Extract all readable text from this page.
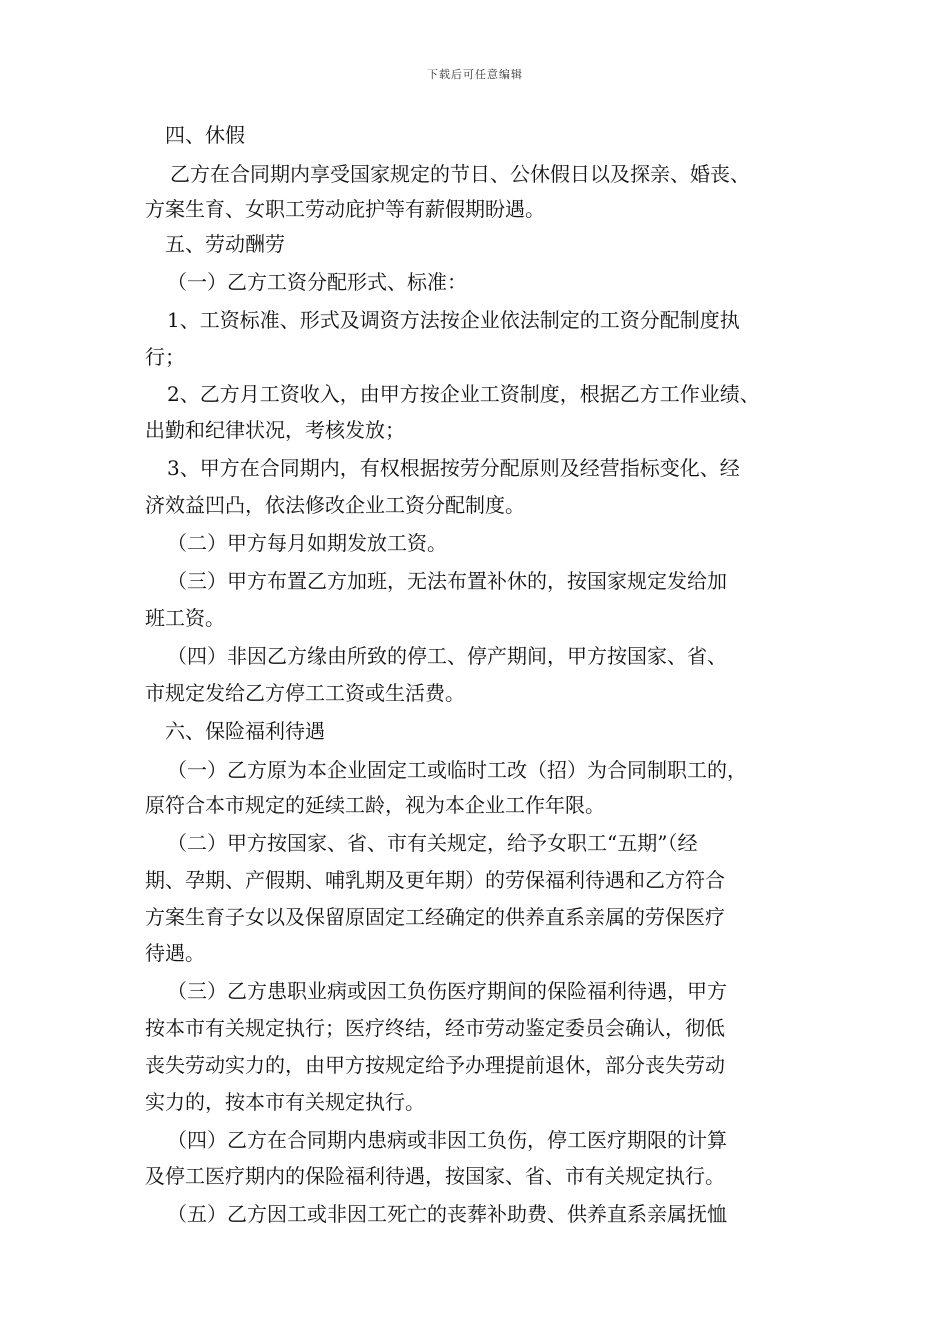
下载后可任意编辑

四、休假

乙方在合同期内享受国家规定的节日、公休假日以及探亲、婚丧、

方案生育、女职工劳动庇护等有薪假期盼遇。

五、劳动酬劳

（一）乙方工资分配形式、标准：

1、工资标准、形式及调资方法按企业依法制定的工资分配制度执

行；

2、乙方月工资收入，由甲方按企业工资制度，根据乙方工作业绩、

出勤和纪律状况，考核发放；

3、甲方在合同期内，有权根据按劳分配原则及经营指标变化、经

济效益凹凸，依法修改企业工资分配制度。

（二）甲方每月如期发放工资。

（三）甲方布置乙方加班，无法布置补休的，按国家规定发给加

班工资。

（四）非因乙方缘由所致的停工、停产期间，甲方按国家、省、

市规定发给乙方停工工资或生活费。

六、保险福利待遇

（一）乙方原为本企业固定工或临时工改（招）为合同制职工的，

原符合本市规定的延续工龄，视为本企业工作年限。

（二）甲方按国家、省、市有关规定，给予女职工“五期”（经

期、孕期、产假期、哺乳期及更年期）的劳保福利待遇和乙方符合

方案生育子女以及保留原固定工经确定的供养直系亲属的劳保医疗

待遇。

（三）乙方患职业病或因工负伤医疗期间的保险福利待遇，甲方

按本市有关规定执行；医疗终结，经市劳动鉴定委员会确认，彻低

丧失劳动实力的，由甲方按规定给予办理提前退休，部分丧失劳动

实力的，按本市有关规定执行。

（四）乙方在合同期内患病或非因工负伤，停工医疗期限的计算

及停工医疗期内的保险福利待遇，按国家、省、市有关规定执行。

（五）乙方因工或非因工死亡的丧葬补助费、供养直系亲属抚恤
